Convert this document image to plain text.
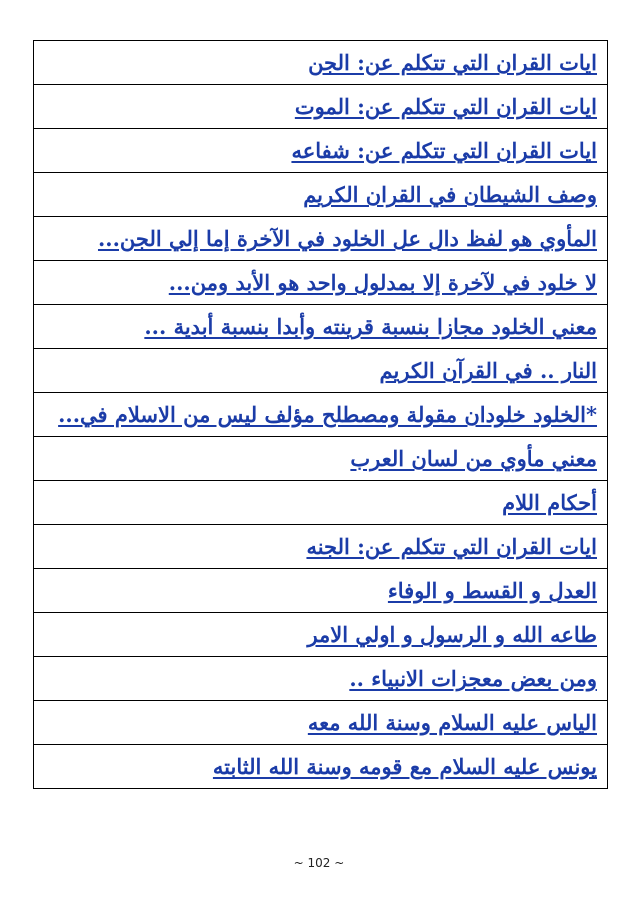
ايات القران التي تتكلم عن: الجن
ايات القران التي تتكلم عن: الموت
ايات القران التي تتكلم عن: شفاعه
وصف الشيطان في القران الكريم
المأوي هو لفظ دال عل الخلود في الآخرة إما إلي الجن...
لا خلود في لآخرة إلا بمدلول واحد هو الأبد ومن...
معني الخلود مجازا بنسبة قرينته وأبدا بنسبة أبدية ...
النار .. في القرآن الكريم
*الخلود خلودان مقولة ومصطلح مؤلف ليس من الاسلام في...
معني مأوي من لسان العرب
أحكام اللام
ايات القران التي تتكلم عن: الجنه
العدل و القسط و الوفاء
طاعه الله و الرسول و اولي الامر
ومن بعض معجزات الانبياء ..
الياس عليه السلام وسنة الله معه
يونس عليه السلام مع قومه وسنة الله الثابته
~ 102 ~
